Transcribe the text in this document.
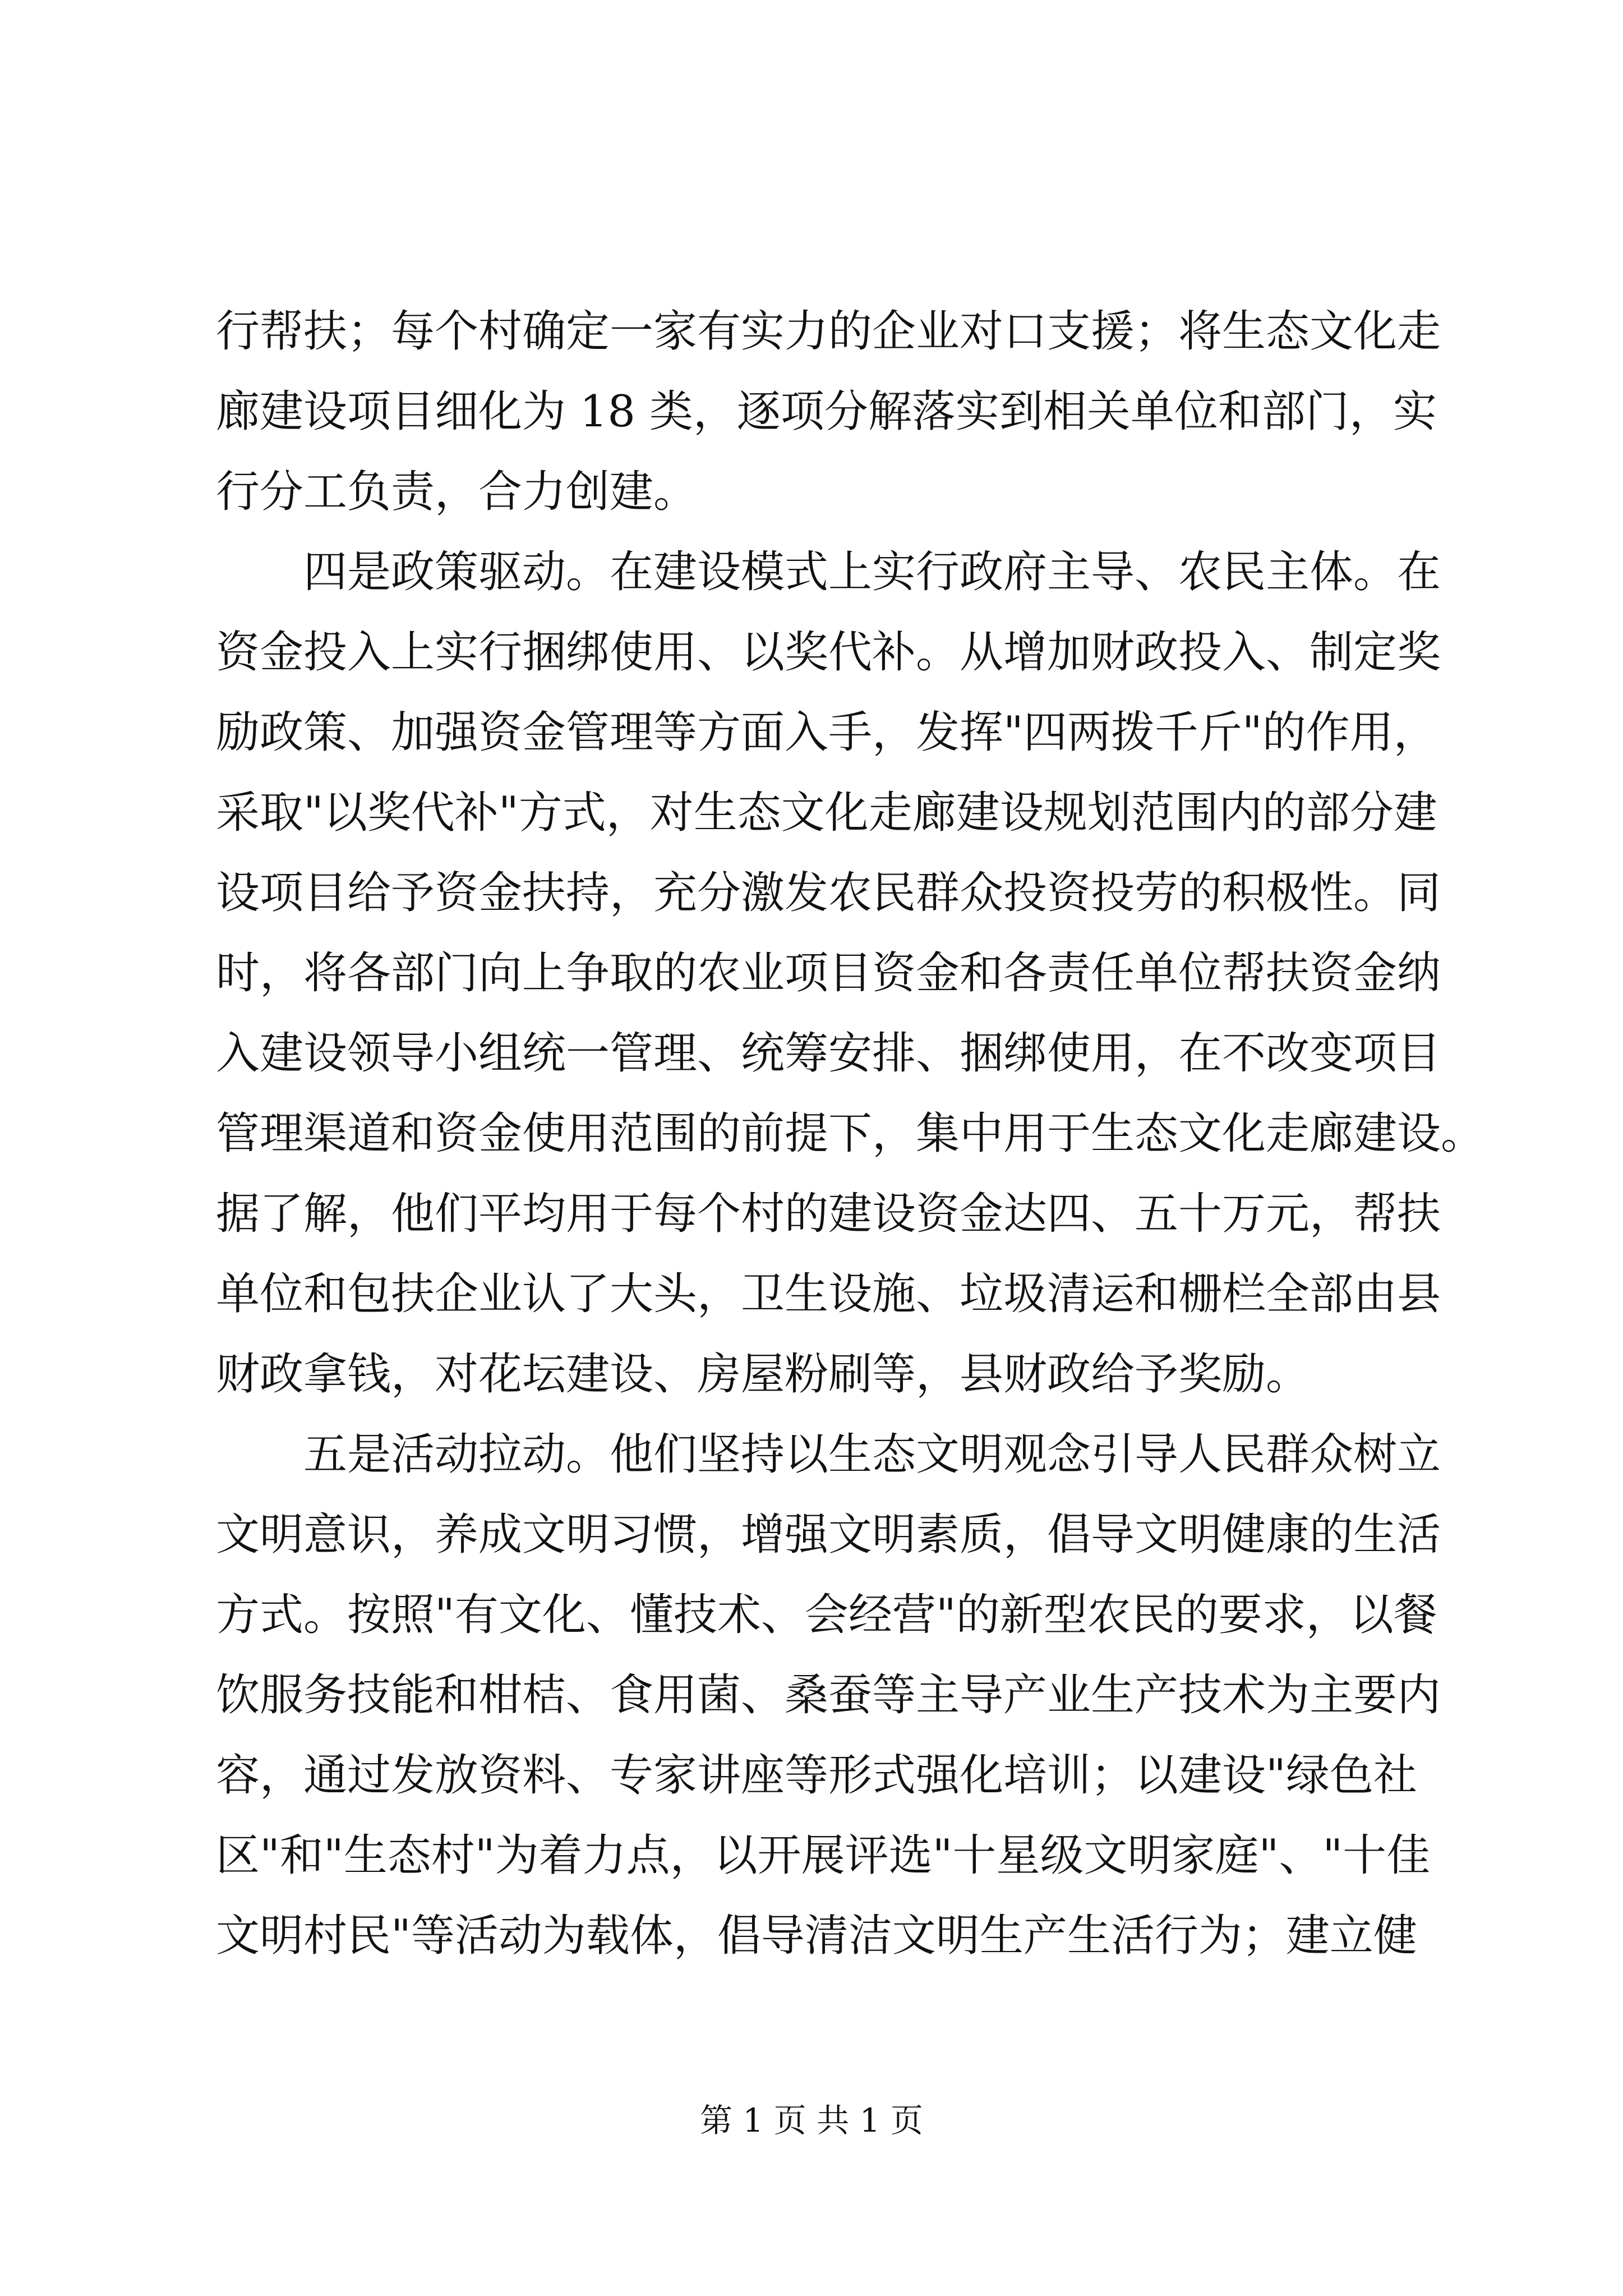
行帮扶；每个村确定一家有实力的企业对口支援；将生态文化走
廊建设项目细化为 18 类，逐项分解落实到相关单位和部门，实
行分工负责，合力创建。
四是政策驱动。在建设模式上实行政府主导、农民主体。在
资金投入上实行捆绑使用、以奖代补。从增加财政投入、制定奖
励政策、加强资金管理等方面入手，发挥"四两拨千斤"的作用，
采取"以奖代补"方式，对生态文化走廊建设规划范围内的部分建
设项目给予资金扶持，充分激发农民群众投资投劳的积极性。同
时，将各部门向上争取的农业项目资金和各责任单位帮扶资金纳
入建设领导小组统一管理、统筹安排、捆绑使用，在不改变项目
管理渠道和资金使用范围的前提下，集中用于生态文化走廊建设。
据了解，他们平均用于每个村的建设资金达四、五十万元，帮扶
单位和包扶企业认了大头，卫生设施、垃圾清运和栅栏全部由县
财政拿钱，对花坛建设、房屋粉刷等，县财政给予奖励。
五是活动拉动。他们坚持以生态文明观念引导人民群众树立
文明意识，养成文明习惯，增强文明素质，倡导文明健康的生活
方式。按照"有文化、懂技术、会经营"的新型农民的要求，以餐
饮服务技能和柑桔、食用菌、桑蚕等主导产业生产技术为主要内
容，通过发放资料、专家讲座等形式强化培训；以建设"绿色社
区"和"生态村"为着力点，以开展评选"十星级文明家庭"、"十佳
文明村民"等活动为载体，倡导清洁文明生产生活行为；建立健
第 1 页 共 1 页
